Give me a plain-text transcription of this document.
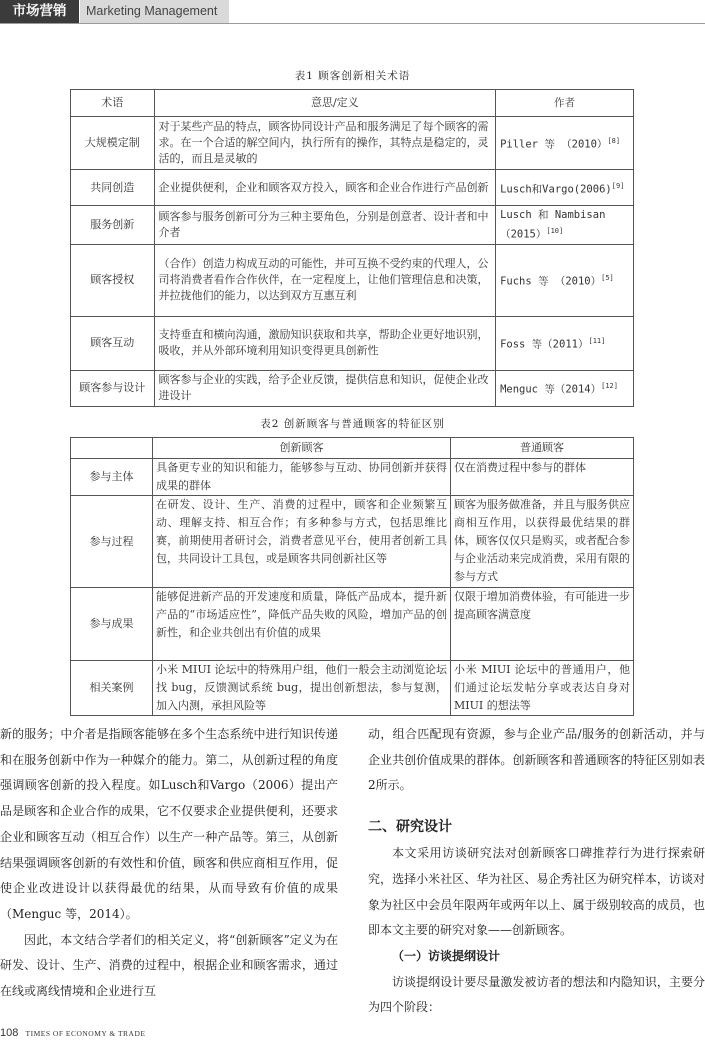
市场营销	Marketing Management
表1 顾客创新相关术语
术语	意思/定义	作者
大规模定制	对于某些产品的特点，顾客协同设计产品和服务满足了每个顾客的需求。在一个合适的解空间内，执行所有的操作，其特点是稳定的，灵活的，而且是灵敏的	Piller 等 （2010）[8]
共同创造	企业提供便利，企业和顾客双方投入，顾客和企业合作进行产品创新	Lusch和Vargo(2006)[9]
服务创新	顾客参与服务创新可分为三种主要角色，分别是创意者、设计者和中介者	Lusch 和 Nambisan（2015）[10]
顾客授权	（合作）创造力构成互动的可能性，并可互换不受约束的代理人，公司将消费者看作合作伙伴，在一定程度上，让他们管理信息和决策，并拉拢他们的能力，以达到双方互惠互利	Fuchs 等 （2010）[5]
顾客互动	支持垂直和横向沟通，激励知识获取和共享，帮助企业更好地识别，吸收，并从外部环境利用知识变得更具创新性	Foss 等（2011）[11]
顾客参与设计	顾客参与企业的实践，给予企业反馈，提供信息和知识，促使企业改进设计	Menguc 等（2014）[12]
表2 创新顾客与普通顾客的特征区别
	创新顾客	普通顾客
参与主体	具备更专业的知识和能力，能够参与互动、协同创新并获得成果的群体	仅在消费过程中参与的群体
参与过程	在研发、设计、生产、消费的过程中，顾客和企业频繁互动、理解支持、相互合作；有多种参与方式，包括思维比赛，前期使用者研讨会，消费者意见平台，使用者创新工具包，共同设计工具包，或是顾客共同创新社区等	顾客为服务做准备，并且与服务供应商相互作用，以获得最优结果的群体，顾客仅仅只是购买，或者配合参与企业活动来完成消费，采用有限的参与方式
参与成果	能够促进新产品的开发速度和质量，降低产品成本，提升新产品的“市场适应性”，降低产品失败的风险，增加产品的创新性，和企业共创出有价值的成果	仅限于增加消费体验，有可能进一步提高顾客满意度
相关案例	小米 MIUI 论坛中的特殊用户组，他们一般会主动浏览论坛找 bug，反馈测试系统 bug，提出创新想法，参与复测，加入内测，承担风险等	小米 MIUI 论坛中的普通用户，他们通过论坛发帖分享或表达自身对 MIUI 的想法等

新的服务；中介者是指顾客能够在多个生态系统中进行知识传递和在服务创新中作为一种媒介的能力。第二，从创新过程的角度强调顾客创新的投入程度。如Lusch和Vargo（2006）提出产品是顾客和企业合作的成果，它不仅要求企业提供便利，还要求企业和顾客互动（相互合作）以生产一种产品等。第三，从创新结果强调顾客创新的有效性和价值，顾客和供应商相互作用，促使企业改进设计以获得最优的结果，从而导致有价值的成果（Menguc 等，2014）。

因此，本文结合学者们的相关定义，将“创新顾客”定义为在研发、设计、生产、消费的过程中，根据企业和顾客需求，通过在线或离线情境和企业进行互

动，组合匹配现有资源，参与企业产品/服务的创新活动，并与企业共创价值成果的群体。创新顾客和普通顾客的特征区别如表2所示。

二、研究设计

本文采用访谈研究法对创新顾客口碑推荐行为进行探索研究，选择小米社区、华为社区、易企秀社区为研究样本，访谈对象为社区中会员年限两年或两年以上、属于级别较高的成员，也即本文主要的研究对象——创新顾客。

（一）访谈提纲设计

访谈提纲设计要尽量激发被访者的想法和内隐知识，主要分为四个阶段：

108 TIMES OF ECONOMY & TRADE
